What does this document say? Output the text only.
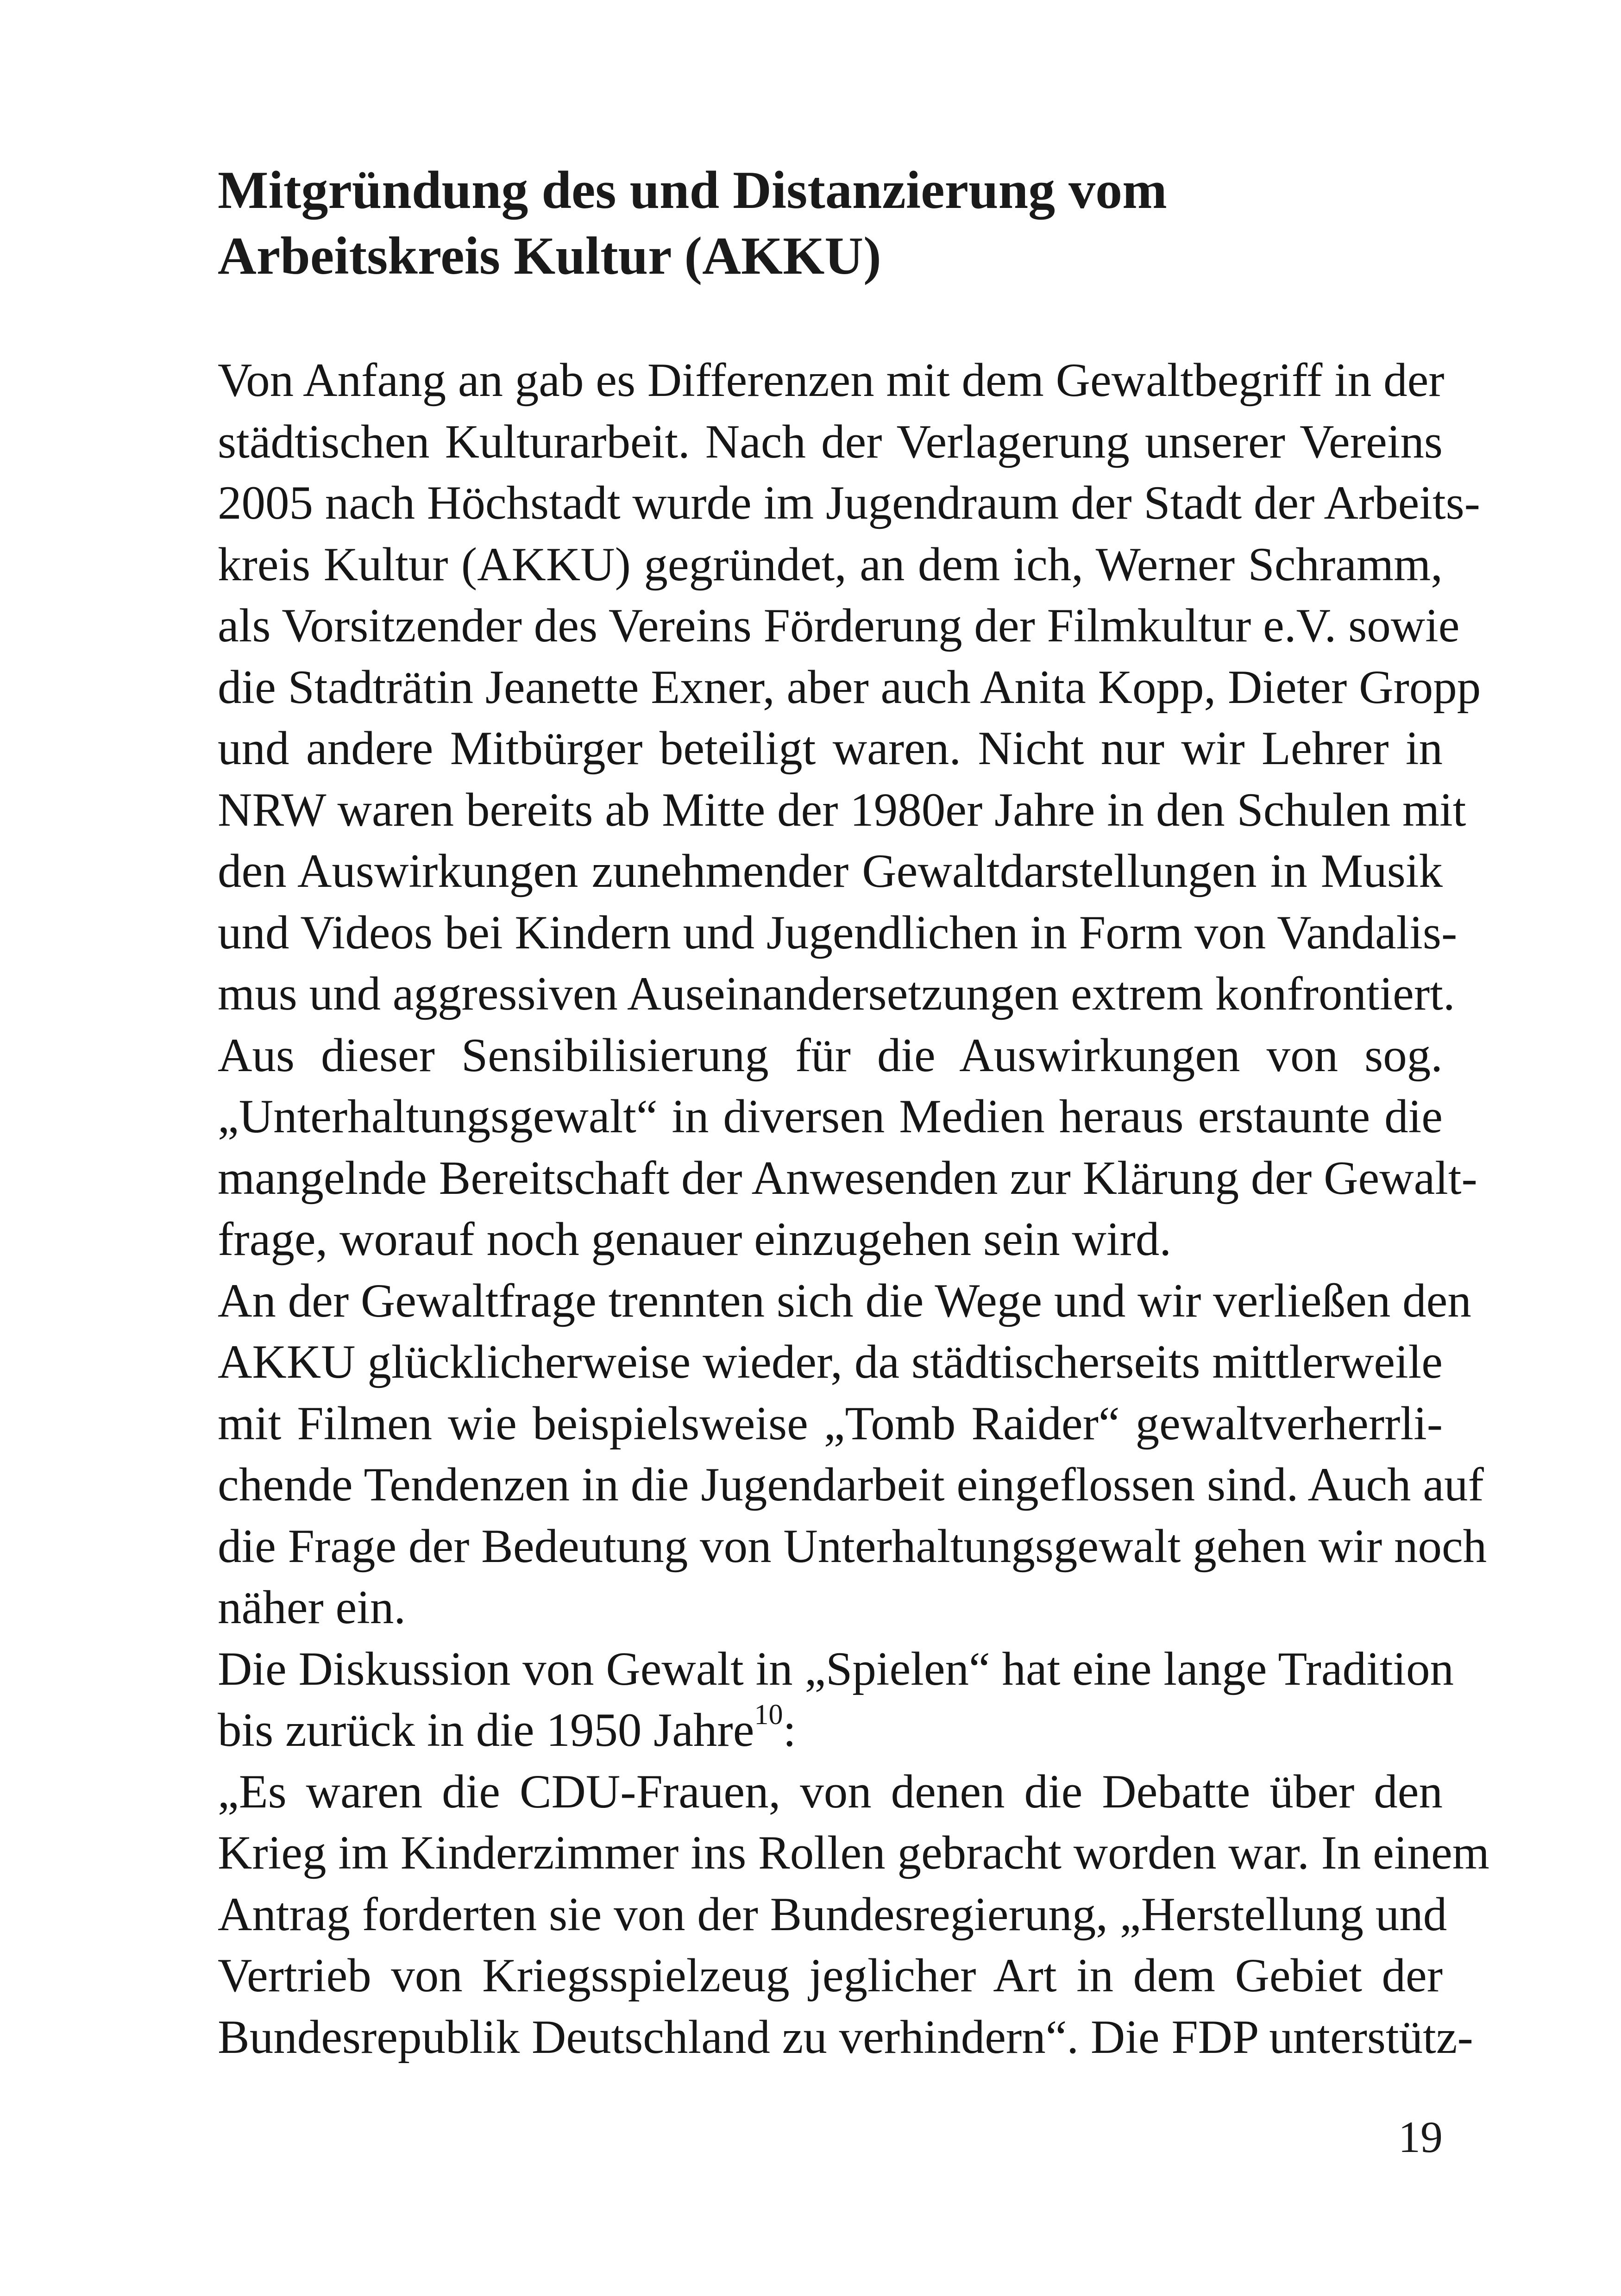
Mitgründung des und Distanzierung vom
Arbeitskreis Kultur (AKKU)
Von Anfang an gab es Differenzen mit dem Gewaltbegriff in der
städtischen Kulturarbeit. Nach der Verlagerung unserer Vereins
2005 nach Höchstadt wurde im Jugendraum der Stadt der Arbeits-
kreis Kultur (AKKU) gegründet, an dem ich, Werner Schramm,
als Vorsitzender des Vereins Förderung der Filmkultur e.V. sowie
die Stadträtin Jeanette Exner, aber auch Anita Kopp, Dieter Gropp
und andere Mitbürger beteiligt waren. Nicht nur wir Lehrer in
NRW waren bereits ab Mitte der 1980er Jahre in den Schulen mit
den Auswirkungen zunehmender Gewaltdarstellungen in Musik
und Videos bei Kindern und Jugendlichen in Form von Vandalis-
mus und aggressiven Auseinandersetzungen extrem konfrontiert.
Aus dieser Sensibilisierung für die Auswirkungen von sog.
„Unterhaltungsgewalt“ in diversen Medien heraus erstaunte die
mangelnde Bereitschaft der Anwesenden zur Klärung der Gewalt-
frage, worauf noch genauer einzugehen sein wird.
An der Gewaltfrage trennten sich die Wege und wir verließen den
AKKU glücklicherweise wieder, da städtischerseits mittlerweile
mit Filmen wie beispielsweise „Tomb Raider“ gewaltverherrli-
chende Tendenzen in die Jugendarbeit eingeflossen sind. Auch auf
die Frage der Bedeutung von Unterhaltungsgewalt gehen wir noch
näher ein.
Die Diskussion von Gewalt in „Spielen“ hat eine lange Tradition
bis zurück in die 1950 Jahre$^{10}$:
„Es waren die CDU-Frauen, von denen die Debatte über den
Krieg im Kinderzimmer ins Rollen gebracht worden war. In einem
Antrag forderten sie von der Bundesregierung, „Herstellung und
Vertrieb von Kriegsspielzeug jeglicher Art in dem Gebiet der
Bundesrepublik Deutschland zu verhindern“. Die FDP unterstütz-
19
